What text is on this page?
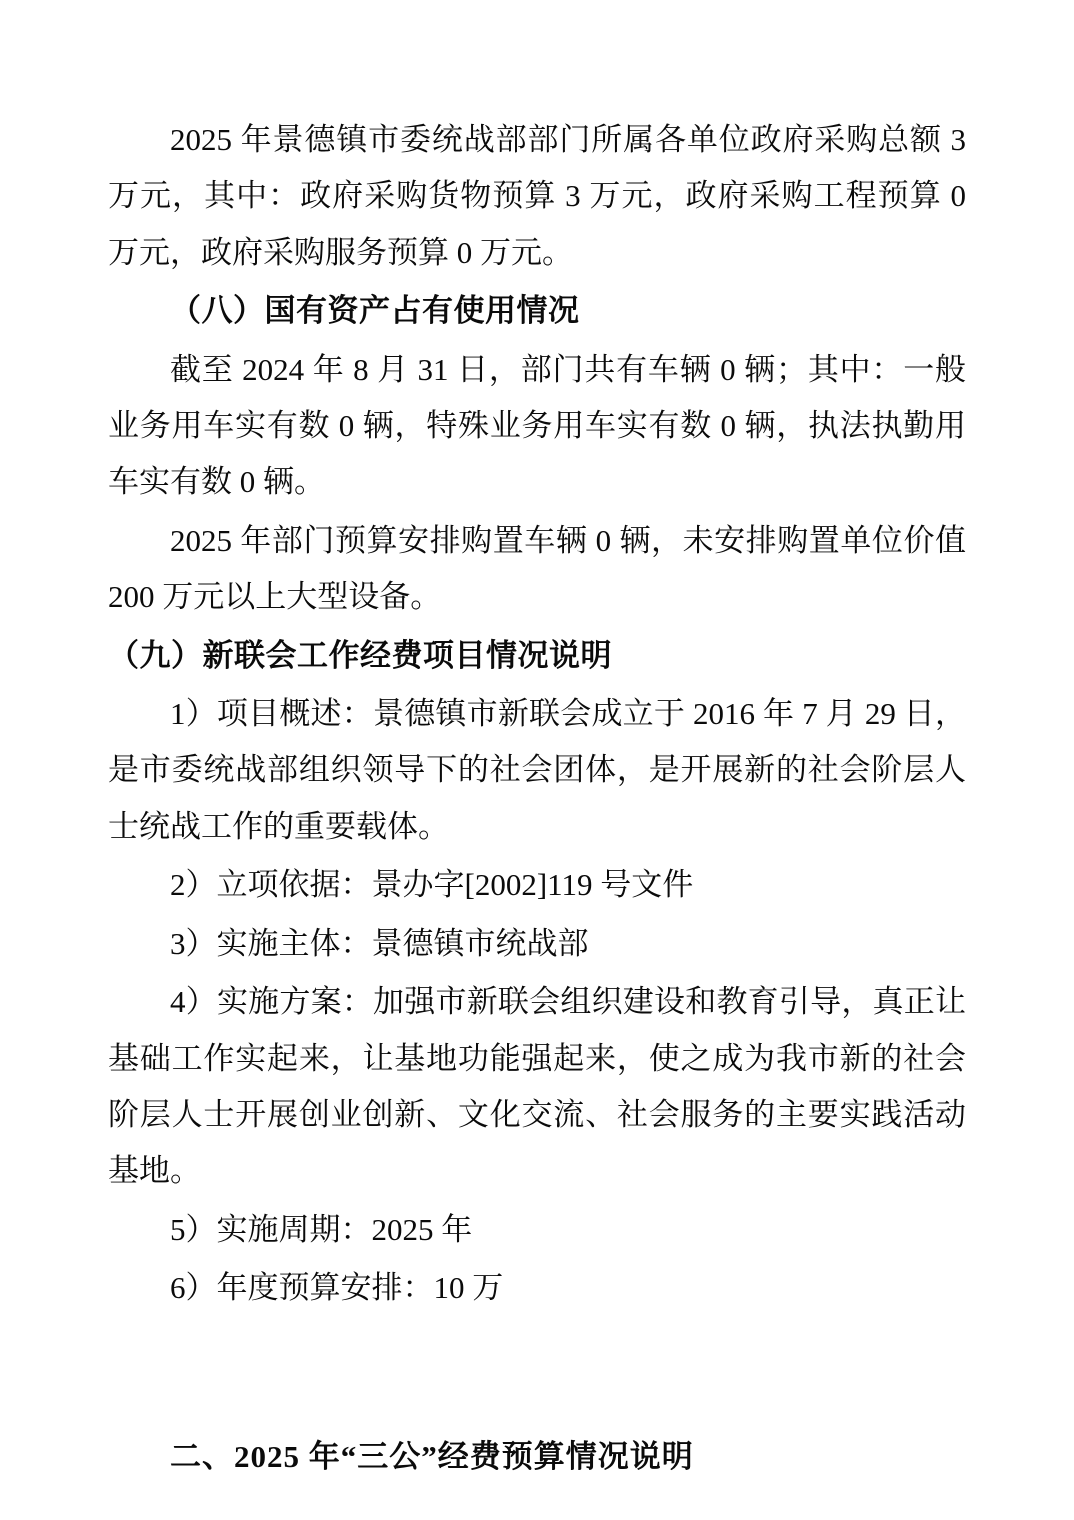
2025 年景德镇市委统战部部门所属各单位政府采购总额 3 万元，其中：政府采购货物预算 3 万元，政府采购工程预算 0 万元，政府采购服务预算 0 万元。

（八）国有资产占有使用情况

截至 2024 年 8 月 31 日，部门共有车辆 0 辆；其中：一般业务用车实有数 0 辆，特殊业务用车实有数 0 辆，执法执勤用车实有数 0 辆。

2025 年部门预算安排购置车辆 0 辆，未安排购置单位价值 200 万元以上大型设备。

（九）新联会工作经费项目情况说明

1）项目概述：景德镇市新联会成立于 2016 年 7 月 29 日，是市委统战部组织领导下的社会团体，是开展新的社会阶层人士统战工作的重要载体。

2）立项依据：景办字[2002]119 号文件

3）实施主体：景德镇市统战部

4）实施方案：加强市新联会组织建设和教育引导，真正让基础工作实起来，让基地功能强起来，使之成为我市新的社会阶层人士开展创业创新、文化交流、社会服务的主要实践活动基地。

5）实施周期：2025 年

6）年度预算安排：10 万

二、2025 年“三公”经费预算情况说明
